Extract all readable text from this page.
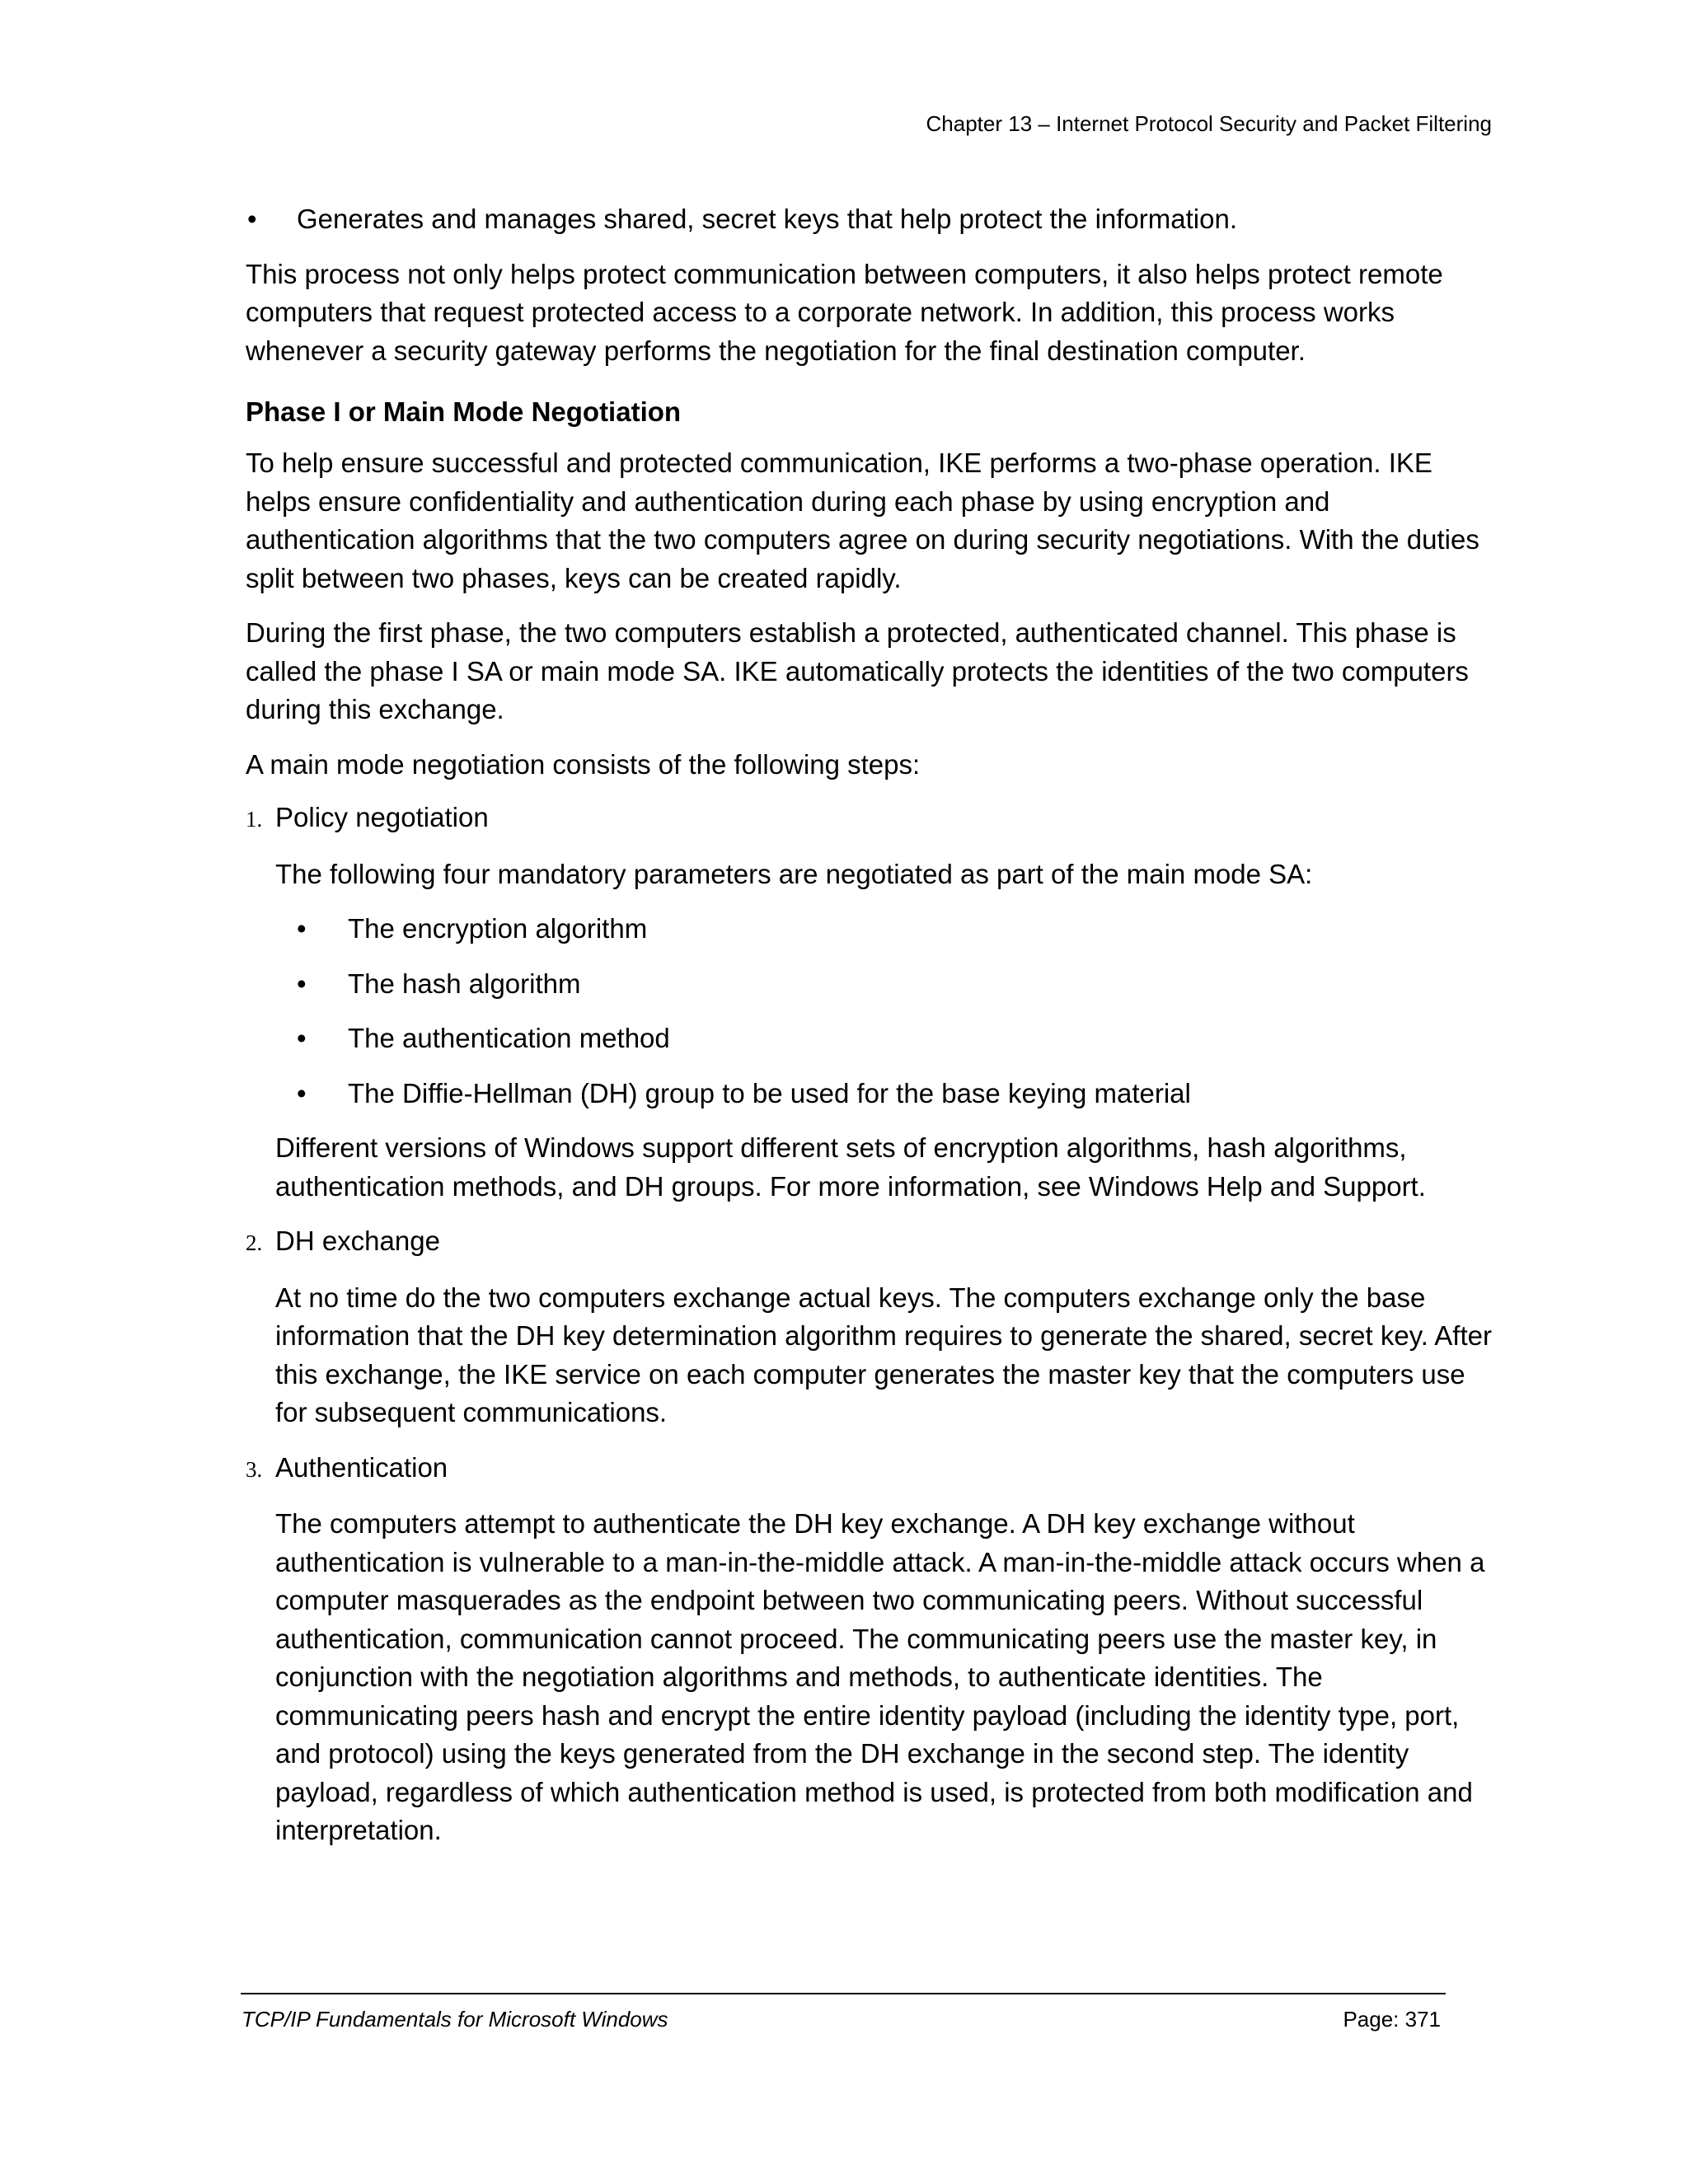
Chapter 13 – Internet Protocol Security and Packet Filtering
•	Generates and manages shared, secret keys that help protect the information.

This process not only helps protect communication between computers, it also helps protect remote computers that request protected access to a corporate network. In addition, this process works whenever a security gateway performs the negotiation for the final destination computer.

Phase I or Main Mode Negotiation

To help ensure successful and protected communication, IKE performs a two-phase operation. IKE helps ensure confidentiality and authentication during each phase by using encryption and authentication algorithms that the two computers agree on during security negotiations. With the duties split between two phases, keys can be created rapidly.

During the first phase, the two computers establish a protected, authenticated channel. This phase is called the phase I SA or main mode SA. IKE automatically protects the identities of the two computers during this exchange.

A main mode negotiation consists of the following steps:

1. Policy negotiation

The following four mandatory parameters are negotiated as part of the main mode SA:

•	The encryption algorithm
•	The hash algorithm
•	The authentication method
•	The Diffie-Hellman (DH) group to be used for the base keying material

Different versions of Windows support different sets of encryption algorithms, hash algorithms, authentication methods, and DH groups. For more information, see Windows Help and Support.

2. DH exchange

At no time do the two computers exchange actual keys. The computers exchange only the base information that the DH key determination algorithm requires to generate the shared, secret key. After this exchange, the IKE service on each computer generates the master key that the computers use for subsequent communications.

3. Authentication

The computers attempt to authenticate the DH key exchange. A DH key exchange without authentication is vulnerable to a man-in-the-middle attack. A man-in-the-middle attack occurs when a computer masquerades as the endpoint between two communicating peers. Without successful authentication, communication cannot proceed. The communicating peers use the master key, in conjunction with the negotiation algorithms and methods, to authenticate identities. The communicating peers hash and encrypt the entire identity payload (including the identity type, port, and protocol) using the keys generated from the DH exchange in the second step. The identity payload, regardless of which authentication method is used, is protected from both modification and interpretation.

TCP/IP Fundamentals for Microsoft Windows	Page: 371
